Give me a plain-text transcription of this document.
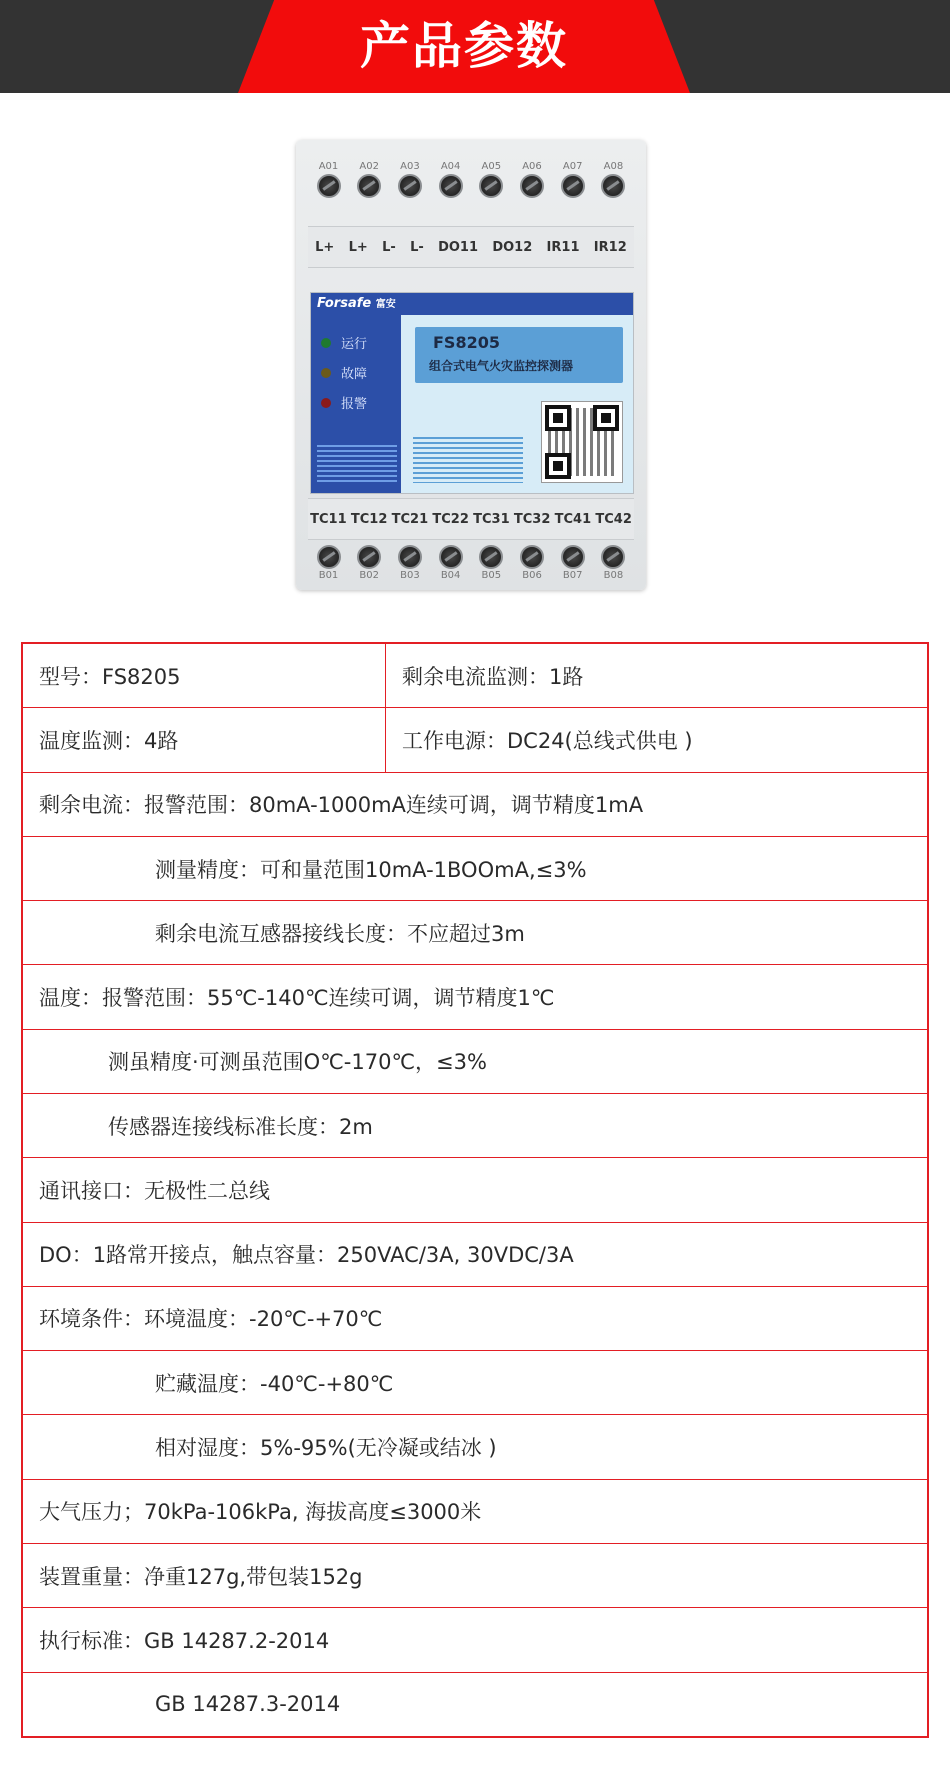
产品参数
A01 A02 A03 A04 A05 A06 A07 A08
L+ L+ L- L- DO11 DO12 IR11 IR12
Forsafe 富安
运行
故障
报警
FS8205
组合式电气火灾监控探测器
TC11 TC12 TC21 TC22 TC31 TC32 TC41 TC42
B01 B02 B03 B04 B05 B06 B07 B08
型号：FS8205	剩余电流监测：1路
温度监测：4路	工作电源：DC24(总线式供电 )
剩余电流：报警范围：80mA-1000mA连续可调，调节精度1mA	
测量精度：可和量范围10mA-1BOOmA,≤3%	
剩余电流互感器接线长度：不应超过3m	
温度：报警范围：55℃-140℃连续可调，调节精度1℃	
测虽精度·可测虽范围O℃-170℃，≤3%	
传感器连接线标准长度：2m	
通讯接口：无极性二总线	
DO：1路常开接点，触点容量：250VAC/3A, 30VDC/3A	
环境条件：环境温度：-20℃-+70℃	
贮藏温度：-40℃-+80℃	
相对湿度：5%-95%(无冷凝或结冰 )	
大气压力；70kPa-106kPa, 海拔高度≤3000米	
装置重量：净重127g,带包装152g	
执行标准：GB 14287.2-2014	
GB 14287.3-2014	
